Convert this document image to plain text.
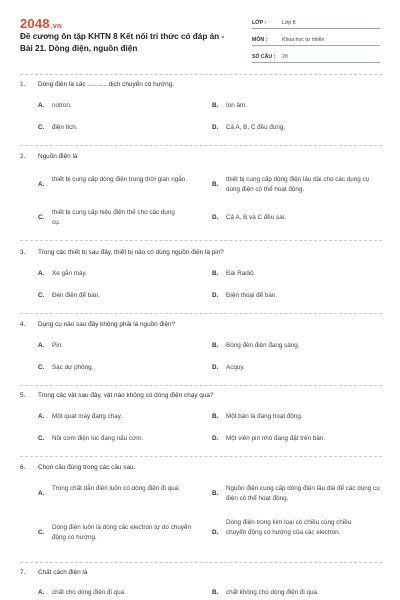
2048.vn
Đề cương ôn tập KHTN 8 Kết nối tri thức có đáp án - Bài 21. Dòng điện, nguồn điện
LỚP :	Lớp 8
MÔN :	Khoa học tự nhiên
SỐ CÂU :	20
1. Dòng điện là các ........... dịch chuyển có hướng.
A. notron.	B. Ion âm.
C. điện tích.	D. Cả A, B, C đều đúng.
2. Nguồn điện là
A.
thiết bị cung cấp dòng điện trong thời gian ngắn.
B.
thiết bị cung cấp dòng điện lâu dài cho các dụng cụ dùng điện có thể hoạt động.
C.
thiết bị cung cấp hiệu điện thế cho các dụng cụ.
D. Cả A, B và C đều sai.
3. Trong các thiết bị sau đây, thiết bị nào có dùng nguồn điện là pin?
A. Xe gắn máy.	B. Đài Radiô.
C. Đèn điện để bàn.	D. Điện thoại để bàn.
4. Dụng cụ nào sau đây không phải là nguồn điện?
A. Pin.	B. Bóng đèn điện đang sáng.
C. Sạc dự phòng.	D. Acquy.
5. Trong các vật sau đây, vật nào không có dòng điện chạy qua?
A. Một quạt máy đang chạy.	B. Một bàn là đang hoạt động.
C. Nồi cơm điện lúc đang nấu cơm.	D. Một viên pin nhỏ đang đặt trên bàn.
6. Chọn câu đúng trong các câu sau.
A.
Trong chất dẫn điện luôn có dòng điện đi qua.
B.
Nguồn điện cung cấp dòng điện lâu dài để các dụng cụ điện có thể hoạt động.
C.
Dòng điện luôn là dòng các electron tự do chuyển động có hướng.
D.
Dòng điện trong kim loại có chiều cùng chiều chuyển động có hướng của các electron.
7. Chất cách điện là
A. chất cho dòng điện đi qua.	B. chất không cho dòng điện đi qua.
